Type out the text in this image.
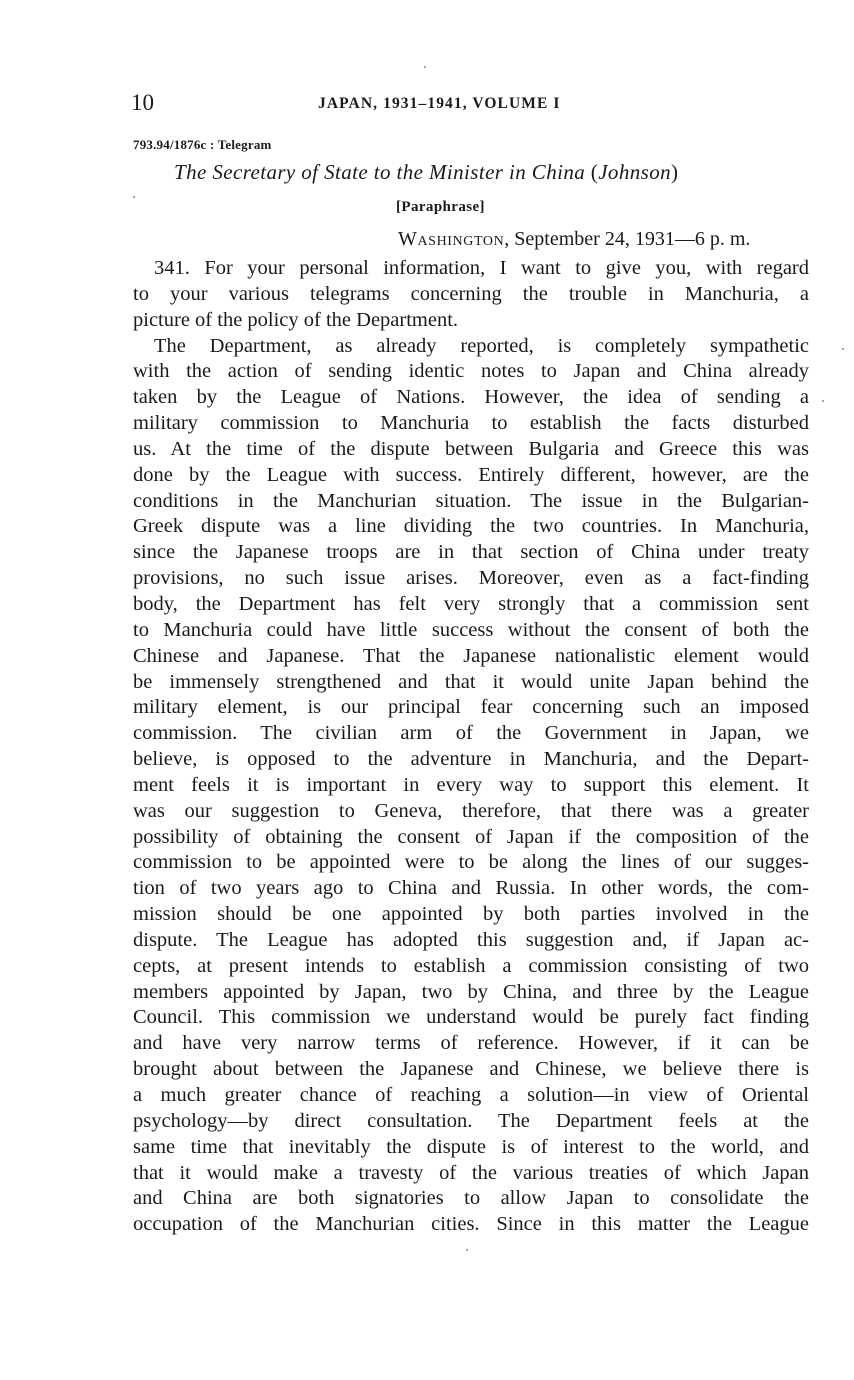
10	JAPAN, 1931–1941, VOLUME I
793.94/1876c : Telegram
The Secretary of State to the Minister in China (Johnson)
[Paraphrase]
Washington, September 24, 1931—6 p. m.
341. For your personal information, I want to give you, with regard
to your various telegrams concerning the trouble in Manchuria, a
picture of the policy of the Department.
The Department, as already reported, is completely sympathetic
with the action of sending identic notes to Japan and China already
taken by the League of Nations. However, the idea of sending a
military commission to Manchuria to establish the facts disturbed
us. At the time of the dispute between Bulgaria and Greece this was
done by the League with success. Entirely different, however, are the
conditions in the Manchurian situation. The issue in the Bulgarian-
Greek dispute was a line dividing the two countries. In Manchuria,
since the Japanese troops are in that section of China under treaty
provisions, no such issue arises. Moreover, even as a fact-finding
body, the Department has felt very strongly that a commission sent
to Manchuria could have little success without the consent of both the
Chinese and Japanese. That the Japanese nationalistic element would
be immensely strengthened and that it would unite Japan behind the
military element, is our principal fear concerning such an imposed
commission. The civilian arm of the Government in Japan, we
believe, is opposed to the adventure in Manchuria, and the Depart-
ment feels it is important in every way to support this element. It
was our suggestion to Geneva, therefore, that there was a greater
possibility of obtaining the consent of Japan if the composition of the
commission to be appointed were to be along the lines of our sugges-
tion of two years ago to China and Russia. In other words, the com-
mission should be one appointed by both parties involved in the
dispute. The League has adopted this suggestion and, if Japan ac-
cepts, at present intends to establish a commission consisting of two
members appointed by Japan, two by China, and three by the League
Council. This commission we understand would be purely fact finding
and have very narrow terms of reference. However, if it can be
brought about between the Japanese and Chinese, we believe there is
a much greater chance of reaching a solution—in view of Oriental
psychology—by direct consultation. The Department feels at the
same time that inevitably the dispute is of interest to the world, and
that it would make a travesty of the various treaties of which Japan
and China are both signatories to allow Japan to consolidate the
occupation of the Manchurian cities. Since in this matter the League
